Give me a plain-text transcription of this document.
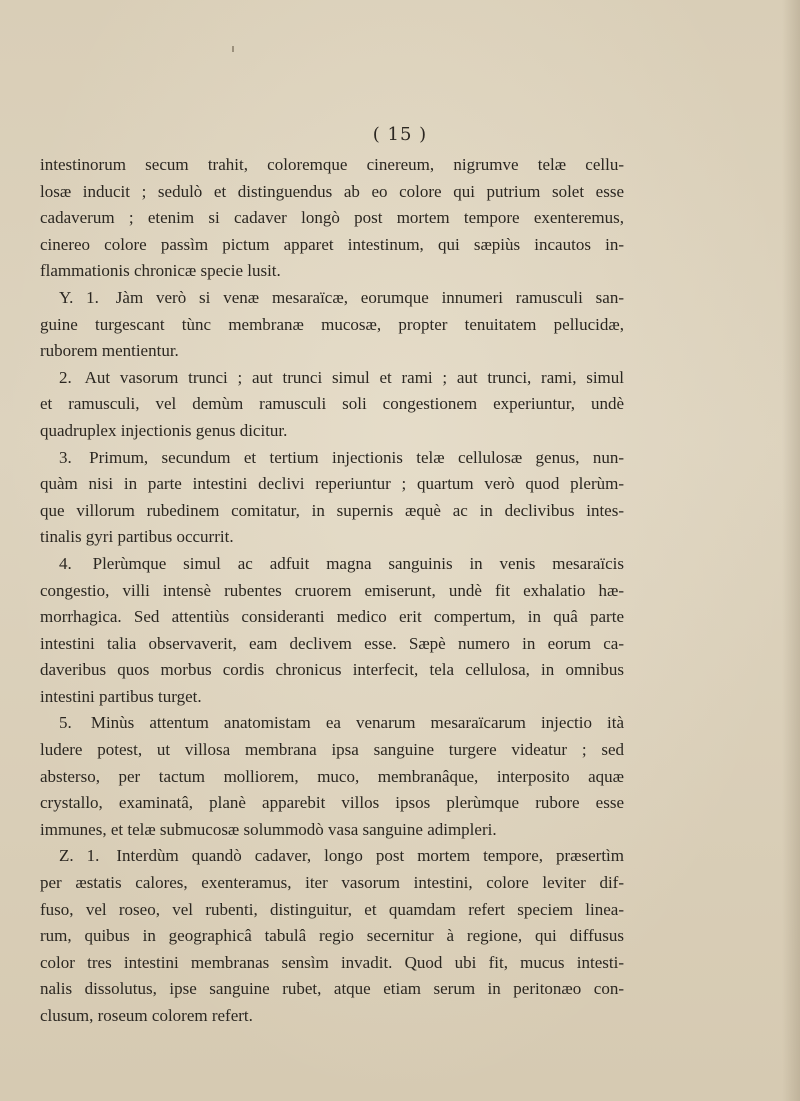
( 15 )
intestinorum secum trahit, coloremque cinereum, nigrumve telæ cellu-
losæ inducit ; sedulò et distinguendus ab eo colore qui putrium solet esse
cadaverum ; etenim si cadaver longò post mortem tempore exenteremus,
cinereo colore passìm pictum apparet intestinum, qui sæpiùs incautos in-
flammationis chronicæ specie lusit.
Y. 1. Jàm verò si venæ mesaraïcæ, eorumque innumeri ramusculi san-
guine turgescant tùnc membranæ mucosæ, propter tenuitatem pellucidæ,
ruborem mentientur.
2. Aut vasorum trunci ; aut trunci simul et rami ; aut trunci, rami, simul
et ramusculi, vel demùm ramusculi soli congestionem experiuntur, undè
quadruplex injectionis genus dicitur.
3. Primum, secundum et tertium injectionis telæ cellulosæ genus, nun-
quàm nisi in parte intestini declivi reperiuntur ; quartum verò quod plerùm-
que villorum rubedinem comitatur, in supernis æquè ac in declivibus intes-
tinalis gyri partibus occurrit.
4. Plerùmque simul ac adfuit magna sanguinis in venis mesaraïcis
congestio, villi intensè rubentes cruorem emiserunt, undè fit exhalatio hæ-
morrhagica. Sed attentiùs consideranti medico erit compertum, in quâ parte
intestini talia observaverit, eam declivem esse. Sæpè numero in eorum ca-
daveribus quos morbus cordis chronicus interfecit, tela cellulosa, in omnibus
intestini partibus turget.
5. Minùs attentum anatomistam ea venarum mesaraïcarum injectio ità
ludere potest, ut villosa membrana ipsa sanguine turgere videatur ; sed
absterso, per tactum molliorem, muco, membranâque, interposito aquæ
crystallo, examinatâ, planè apparebit villos ipsos plerùmque rubore esse
immunes, et telæ submucosæ solummodò vasa sanguine adimpleri.
Z. 1. Interdùm quandò cadaver, longo post mortem tempore, præsertìm
per æstatis calores, exenteramus, iter vasorum intestini, colore leviter dif-
fuso, vel roseo, vel rubenti, distinguitur, et quamdam refert speciem linea-
rum, quibus in geographicâ tabulâ regio secernitur à regione, qui diffusus
color tres intestini membranas sensìm invadit. Quod ubi fit, mucus intesti-
nalis dissolutus, ipse sanguine rubet, atque etiam serum in peritonæo con-
clusum, roseum colorem refert.
